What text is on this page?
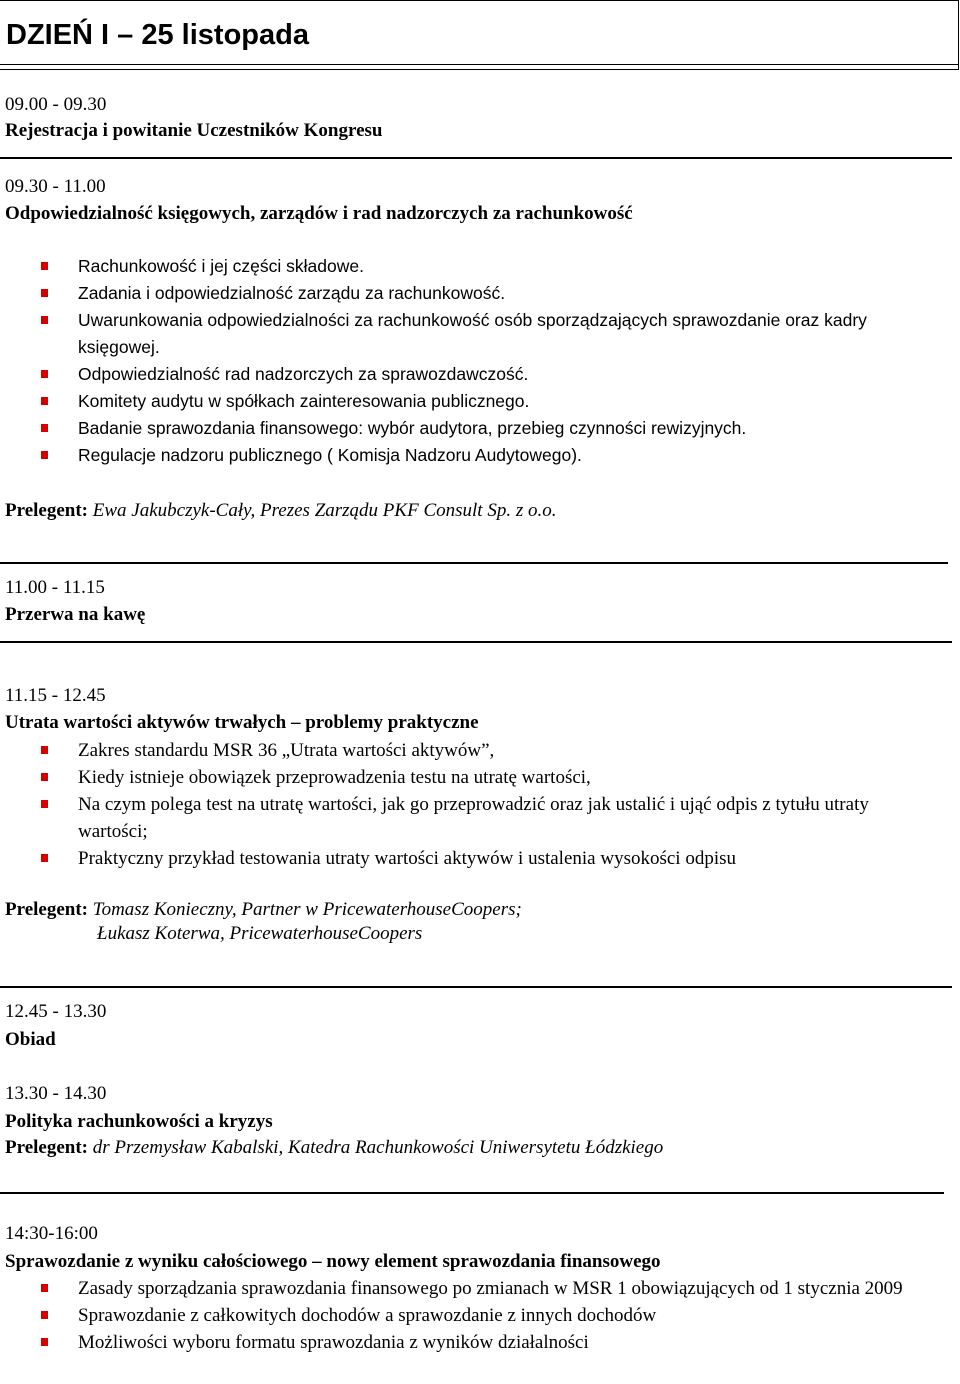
DZIEŃ I – 25 listopada
09.00 - 09.30
Rejestracja i powitanie Uczestników Kongresu
09.30 - 11.00
Odpowiedzialność księgowych, zarządów i rad nadzorczych za rachunkowość
Rachunkowość i jej części składowe.
Zadania i odpowiedzialność zarządu za rachunkowość.
Uwarunkowania odpowiedzialności za rachunkowość osób sporządzających sprawozdanie oraz kadry księgowej.
Odpowiedzialność rad nadzorczych za sprawozdawczość.
Komitety audytu w spółkach zainteresowania publicznego.
Badanie sprawozdania finansowego: wybór audytora, przebieg czynności rewizyjnych.
Regulacje nadzoru publicznego ( Komisja Nadzoru Audytowego).
Prelegent: Ewa Jakubczyk-Cały, Prezes Zarządu PKF Consult Sp. z o.o.
11.00 - 11.15
Przerwa na kawę
11.15 - 12.45
Utrata wartości aktywów trwałych – problemy praktyczne
Zakres standardu MSR 36 „Utrata wartości aktywów”,
Kiedy istnieje obowiązek przeprowadzenia testu na utratę wartości,
Na czym polega test na utratę wartości, jak go przeprowadzić oraz jak ustalić i ująć odpis z tytułu utraty wartości;
Praktyczny przykład testowania utraty wartości aktywów i ustalenia wysokości odpisu
Prelegent: Tomasz Konieczny, Partner w PricewaterhouseCoopers;
Łukasz Koterwa, PricewaterhouseCoopers
12.45 - 13.30
Obiad
13.30 - 14.30
Polityka rachunkowości a kryzys
Prelegent: dr Przemysław Kabalski, Katedra Rachunkowości Uniwersytetu Łódzkiego
14:30-16:00
Sprawozdanie z wyniku całościowego – nowy element sprawozdania finansowego
Zasady sporządzania sprawozdania finansowego po zmianach w MSR 1 obowiązujących od 1 stycznia 2009
Sprawozdanie z całkowitych dochodów a sprawozdanie z innych dochodów
Możliwości wyboru formatu sprawozdania z wyników działalności
